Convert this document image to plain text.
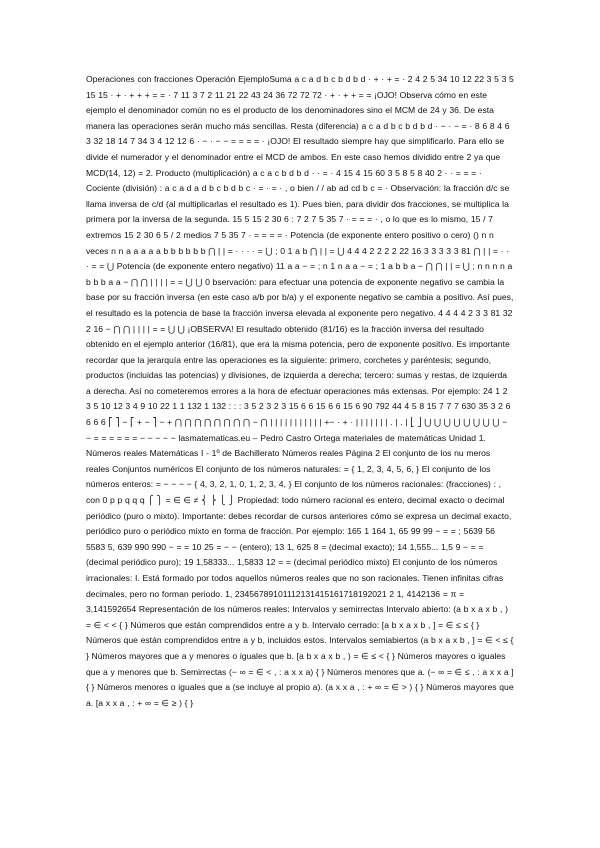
Operaciones con fracciones Operación EjemploSuma a c a d b c b d b d · + · + = · 2 4 2 5 34 10 12 22 3 5 3 5 15 15 · + · + + + = = · 7 11 3 7 2 11 21 22 43 24 36 72 72 72 · + · + + = = ¡OJO! Observa cómo en este ejemplo el denominador común no es el producto de los denominadores sino el MCM de 24 y 36. De esta manera las operaciones serán mucho más sencillas. Resta (diferencia) a c a d b c b d b d · − · − = · 8 6 8 4 6 3 32 18 14 7 34 3 4 12 12 6 · − · − − = = = = · ¡OJO! El resultado siempre hay que simplificarlo. Para ello se divide el numerador y el denominador entre el MCD de ambos. En este caso hemos dividido entre 2 ya que MCD(14, 12) = 2. Producto (multiplicación) a c a c b d b d · · = · 4 15 4 15 60 3 5 8 5 8 40 2 · · = = = · Cociente (división) : a c a d a d b c b d b c · = · = · , o bien / / ab ad cd b c = · Observación: la fracción d/c se llama inversa de c/d (al multiplicarlas el resultado es 1). Pues bien, para dividir dos fracciones, se multiplica la primera por la inversa de la segunda. 15 5 15 2 30 6 : 7 2 7 5 35 7 · = = = · , o lo que es lo mismo, 15 / 7 extremos 15 2 30 6 5 / 2 medios 7 5 35 7 · = = = = · Potencia (de exponente entero positivo o cero) () n n veces n n a a a a a b b b b b b ⋂ | | = · · · · = ⋃ ; 0 1 a b ⋂ | | = ⋃ 4 4 4 2 2 2 2 22 16 3 3 3 3 3 81 ⋂ | | = · · · = = ⋃ Potencia (de exponente entero negativo) 11 a a − = ; n 1 n a a − = ; 1 a b b a − ⋂ ⋂ | | = ⋃ ; n n n n a b b b a a − ⋂ ⋂ | | | | = = ⋃ ⋃ 0 bservación: para efectuar una potencia de exponente negativo se cambia la base por su fracción inversa (en este caso a/b por b/a) y el exponente negativo se cambia a positivo. Así pues, el resultado es la potencia de base la fracción inversa elevada al exponente pero negativo. 4 4 4 4 2 3 3 81 32 2 16 − ⋂ ⋂ | | | | = = ⋃ ⋃ ¡OBSERVA! El resultado obtenido (81/16) es la fracción inversa del resultado obtenido en el ejemplo anterior (16/81), que era la misma potencia, pero de exponente positivo. Es importante recordar que la jerarquía entre las operaciones es la siguiente: primero, corchetes y paréntesis; segundo, productos (incluidas las potencias) y divisiones, de izquierda a derecha; tercero: sumas y restas, de izquierda a derecha. Así no cometeremos errores a la hora de efectuar operaciones más extensas. Por ejemplo: 24 1 2 3 5 10 12 3 4 9 10 22 1 1 132 1 132 : : : 3 5 2 3 2 3 15 6 6 15 6 6 15 6 90 792 44 4 5 8 15 7 7 7 630 35 3 2 6 6 6 6 ⎡ ⎤ − ⎡ + − ⎤ − + ⋂ ⋂ ⋂ ⋂ ⋂ ⋂ ⋂ ⋂ − ⋂ | | | | | | | | | | | +− · + · | | | | | | | . | . | ⎣ ⎦ ⋃ ⋃ ⋃ ⋃ ⋃ ⋃ ⋃ ⋃ − − = = = = = = − − − − − lasmatematicas.eu – Pedro Castro Ortega materiales de matemáticas Unidad 1. Números reales Matemáticas I - 1º de Bachillerato Números reales Página 2 El conjunto de los nu meros reales Conjuntos numéricos El conjunto de los números naturales: = { 1, 2, 3, 4, 5, 6, } El conjunto de los números enteros: = − − − − { 4, 3, 2, 1, 0, 1, 2, 3, 4, } El conjunto de los números racionales: (fracciones) : , con 0 p p q q q ⎧ ⎫ = ∈ ∈ ≠ ⎨ ⎬ ⎩ ⎭ Propiedad: todo número racional es entero, decimal exacto o decimal periódico (puro o mixto). Importante: debes recordar de cursos anteriores cómo se expresa un decimal exacto, periódico puro o periódico mixto en forma de fracción. Por ejemplo: 165 1 164 1, 65 99 99 − = = ; 5639 56 5583 5, 639 990 990 − = = 10 25 = − − (entero); 13 1, 625 8 = (decimal exacto); 14 1,555... 1,5 9 − = = (decimal periódico puro); 19 1,58333... 1,5833 12 = = (decimal periódico mixto) El conjunto de los números irracionales: I. Está formado por todos aquellos números reales que no son racionales. Tienen infinitas cifras decimales, pero no forman periodo. 1, 23456789101112131415161718192021 2 1, 4142136 = π = 3,141592654 Representación de los números reales: Intervalos y semirrectas Intervalo abierto: (a b x a x b , ) = ∈ < < { } Números que están comprendidos entre a y b. Intervalo cerrado: [a b x a x b , ] = ∈ ≤ ≤ { } Números que están comprendidos entre a y b, incluidos estos. Intervalos semiabiertos (a b x a x b , ] = ∈ < ≤ { } Números mayores que a y menores o iguales que b. [a b x a x b , ) = ∈ ≤ < { } Números mayores o iguales que a y menores que b. Semirrectas (− ∞ = ∈ < , : a x x a) { } Números menores que a. (− ∞ = ∈ ≤ , : a x x a ] { } Números menores o iguales que a (se incluye al propio a). (a x x a , : + ∞ = ∈ > ) { } Números mayores que a. [a x x a , : + ∞ = ∈ ≥ ) { }
